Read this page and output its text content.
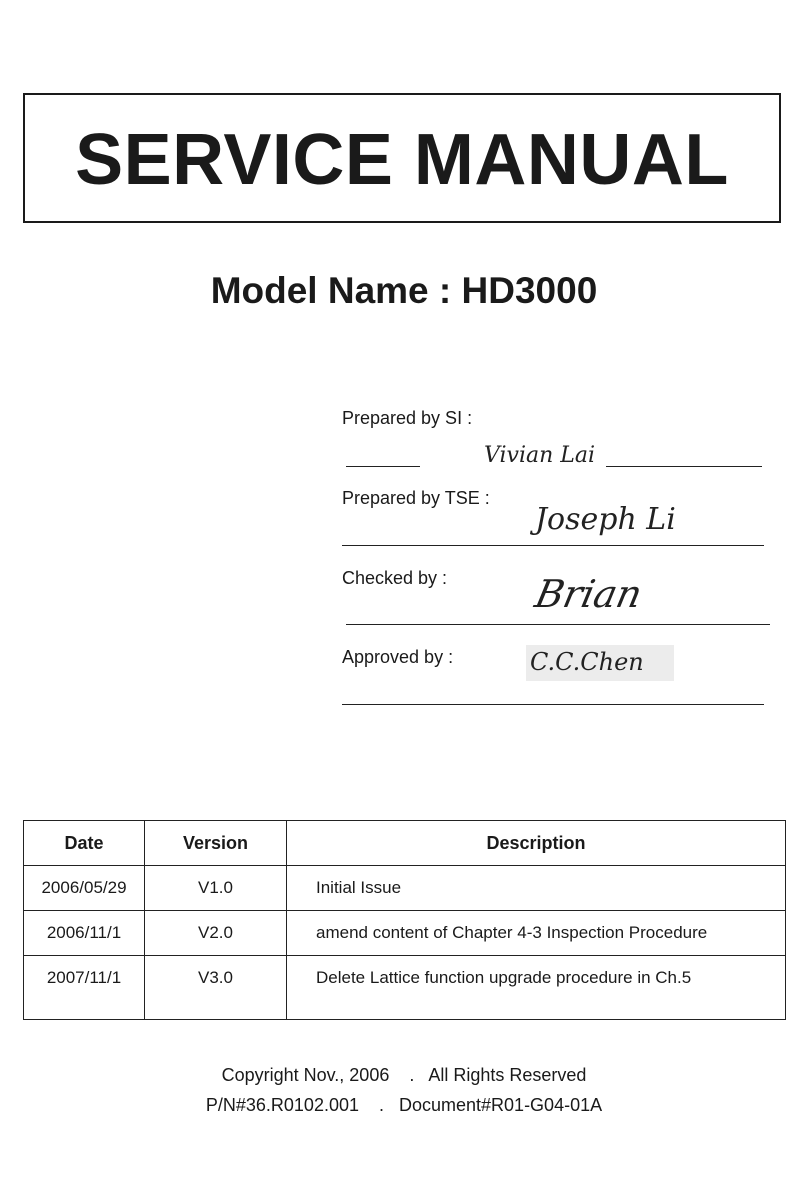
SERVICE MANUAL
Model Name : HD3000
Prepared by SI :
Vivian Lai
Prepared by TSE :
Joseph Li
Checked by : Brian
Approved by :	C.C.Chen
Date	Version	Description
2006/05/29	V1.0	Initial Issue
2006/11/1	V2.0	amend content of Chapter 4-3 Inspection Procedure
2007/11/1	V3.0	Delete Lattice function upgrade procedure in Ch.5
Copyright Nov., 2006    .   All Rights Reserved
P/N#36.R0102.001    .   Document#R01-G04-01A
